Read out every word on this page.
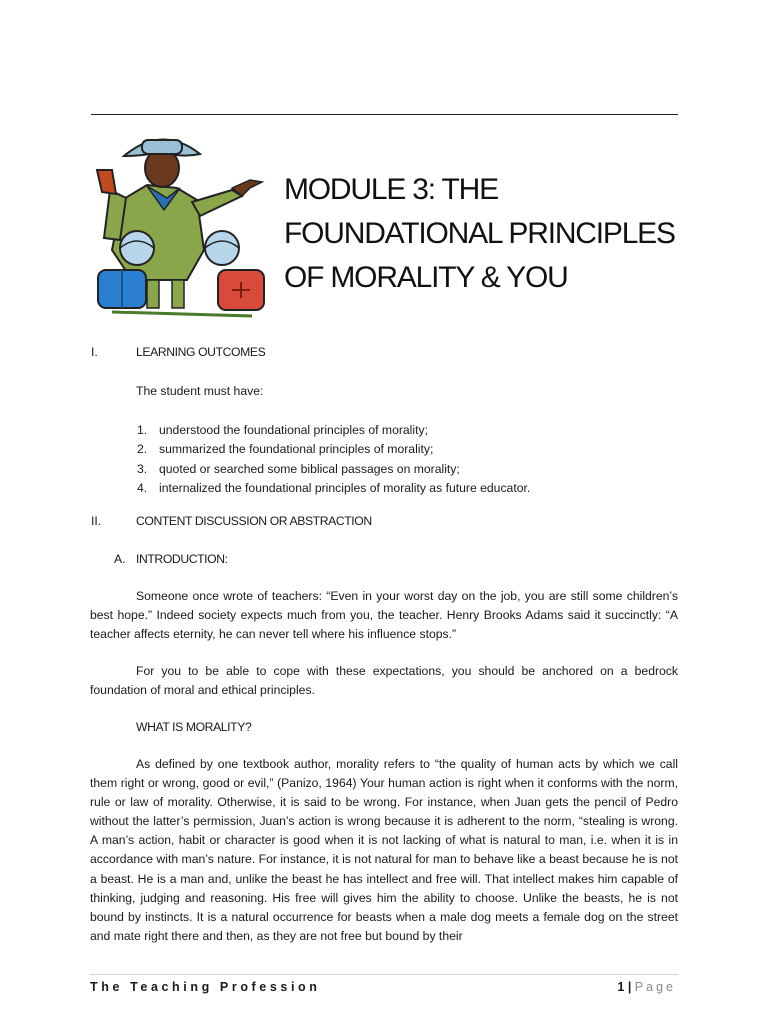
MODULE 3: THE
FOUNDATIONAL PRINCIPLES
OF MORALITY & YOU
I.	LEARNING OUTCOMES

The student must have:

1. understood the foundational principles of morality;
2. summarized the foundational principles of morality;
3. quoted or searched some biblical passages on morality;
4. internalized the foundational principles of morality as future educator.
II.	CONTENT DISCUSSION OR ABSTRACTION
A. INTRODUCTION:

Someone once wrote of teachers: “Even in your worst day on the job, you are still some children’s best hope.” Indeed society expects much from you, the teacher. Henry Brooks Adams said it succinctly: “A teacher affects eternity, he can never tell where his influence stops.”

For you to be able to cope with these expectations, you should be anchored on a bedrock foundation of moral and ethical principles.

WHAT IS MORALITY?

As defined by one textbook author, morality refers to “the quality of human acts by which we call them right or wrong, good or evil,” (Panizo, 1964) Your human action is right when it conforms with the norm, rule or law of morality. Otherwise, it is said to be wrong. For instance, when Juan gets the pencil of Pedro without the latter’s permission, Juan’s action is wrong because it is adherent to the norm, “stealing is wrong. A man’s action, habit or character is good when it is not lacking of what is natural to man, i.e. when it is in accordance with man’s nature. For instance, it is not natural for man to behave like a beast because he is not a beast. He is a man and, unlike the beast he has intellect and free will. That intellect makes him capable of thinking, judging and reasoning. His free will gives him the ability to choose. Unlike the beasts, he is not bound by instincts. It is a natural occurrence for beasts when a male dog meets a female dog on the street and mate right there and then, as they are not free but bound by their

The Teaching Profession	1 | Page
